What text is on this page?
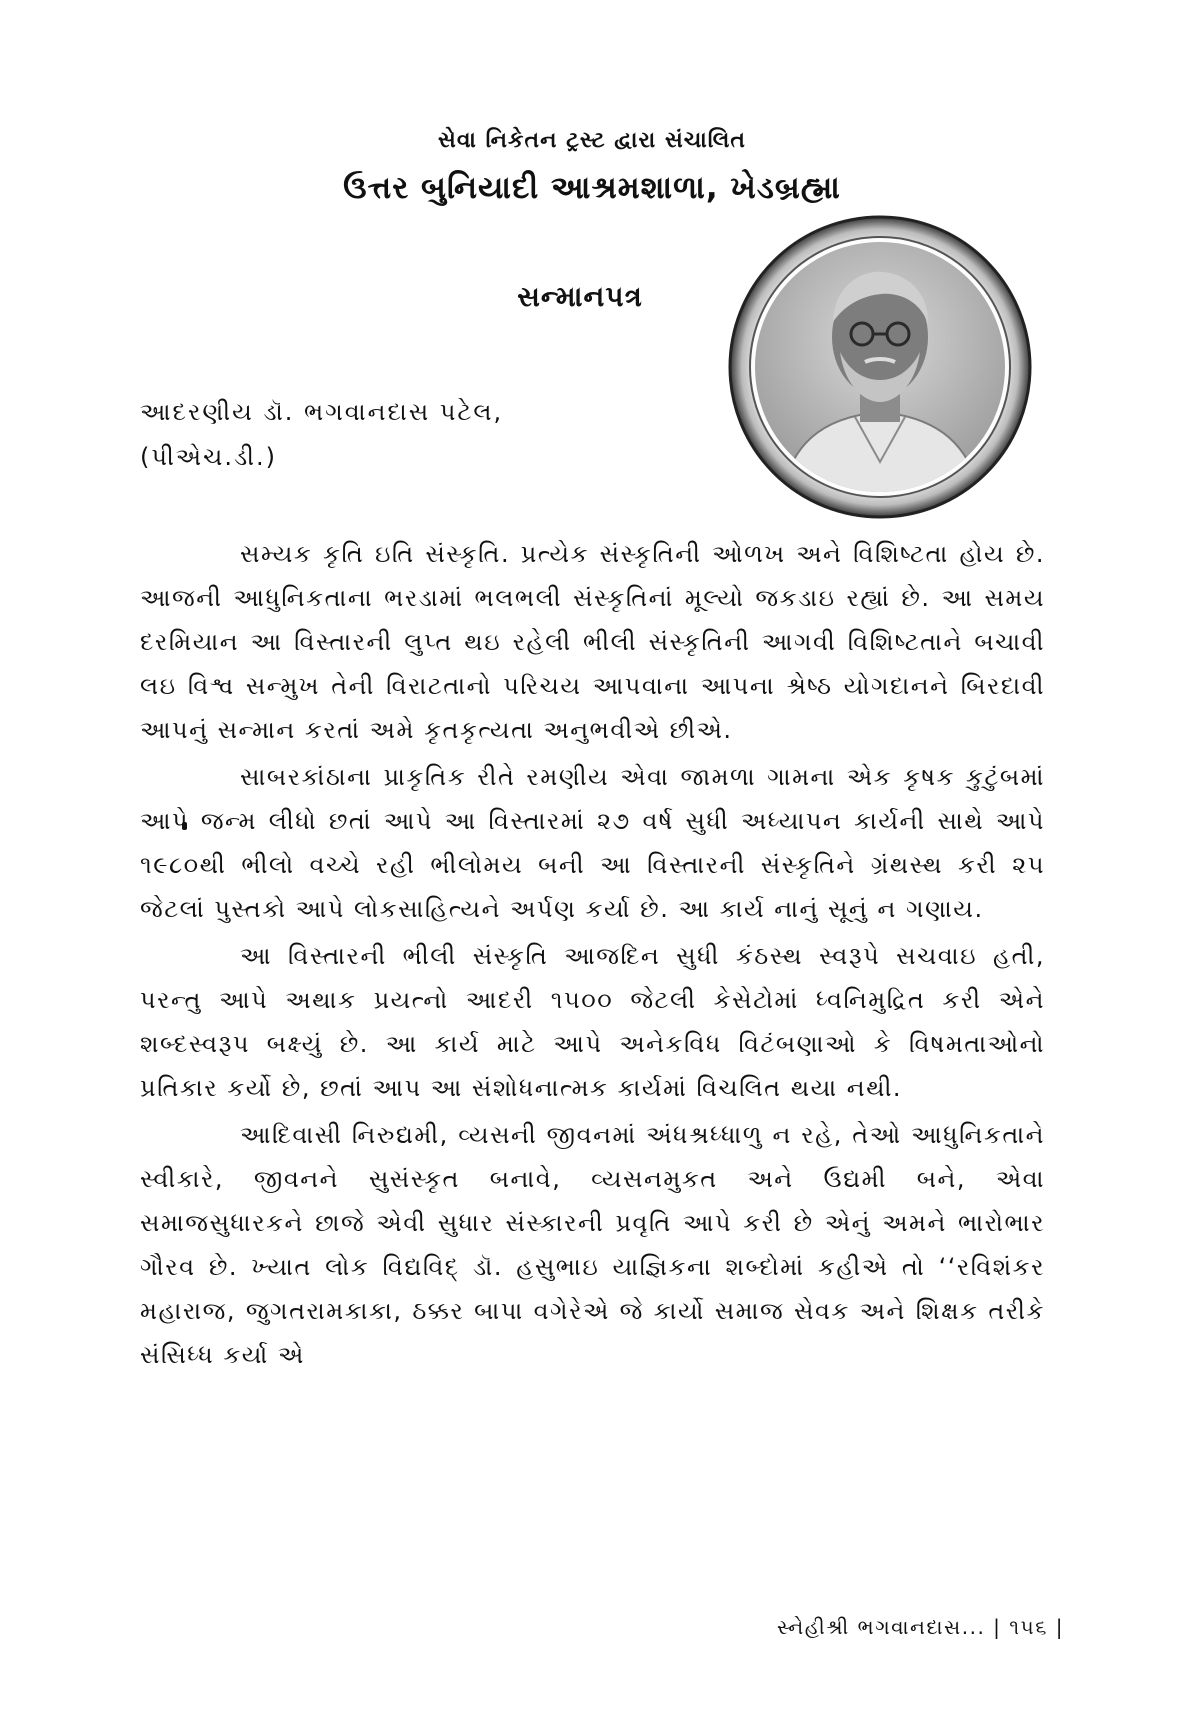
સેવા નિકેતન ટ્રસ્ટ દ્વારા સંચાલિત
ઉત્તર બુનિયાદી આશ્રમશાળા, ખેડબ્રહ્મા
સન્માનપત્ર
આદરણીય ડૉ. ભગવાનદાસ પટેલ,
(પીએચ.ડી.)

સમ્યક કૃતિ ઇતિ સંસ્કૃતિ. પ્રત્યેક સંસ્કૃતિની ઓળખ અને વિશિષ્ટતા હોય છે. આજની આધુનિકતાના ભરડામાં ભલભલી સંસ્કૃતિનાં મૂલ્યો જકડાઇ રહ્યાં છે. આ સમય દરમિયાન આ વિસ્તારની લુપ્ત થઇ રહેલી ભીલી સંસ્કૃતિની આગવી વિશિષ્ટતાને બચાવી લઇ વિશ્વ સન્મુખ તેની વિરાટતાનો પરિચય આપવાના આપના શ્રેષ્ઠ યોગદાનને બિરદાવી આપનું સન્માન કરતાં અમે કૃતકૃત્યતા અનુભવીએ છીએ.

સાબરકાંઠાના પ્રાકૃતિક રીતે રમણીય એવા જામળા ગામના એક કૃષક કુટુંબમાં આપે જન્મ લીધો છતાં આપે આ વિસ્તારમાં ૨૭ વર્ષ સુધી અધ્યાપન કાર્યની સાથે આપે ૧૯૮૦થી ભીલો વચ્ચે રહી ભીલોમય બની આ વિસ્તારની સંસ્કૃતિને ગ્રંથસ્થ કરી ૨૫ જેટલાં પુસ્તકો આપે લોકસાહિત્યને અર્પણ કર્યા છે. આ કાર્ય નાનું સૂનું ન ગણાય.

આ વિસ્તારની ભીલી સંસ્કૃતિ આજદિન સુધી કંઠસ્થ સ્વરૂપે સચવાઇ હતી, પરન્તુ આપે અથાક પ્રયત્નો આદરી ૧૫૦૦ જેટલી કેસેટોમાં ધ્વનિમુદ્રિત કરી એને શબ્દસ્વરૂપ બક્ષ્યું છે. આ કાર્ય માટે આપે અનેકવિધ વિટંબણાઓ કે વિષમતાઓનો પ્રતિકાર કર્યો છે, છતાં આપ આ સંશોધનાત્મક કાર્યમાં વિચલિત થયા નથી.

આદિવાસી નિરુદ્યમી, વ્યસની જીવનમાં અંધશ્રધ્ધાળુ ન રહે, તેઓ આધુનિકતાને સ્વીકારે, જીવનને સુસંસ્કૃત બનાવે, વ્યસનમુકત અને ઉદ્યમી બને, એવા સમાજસુધારકને છાજે એવી સુધાર સંસ્કારની પ્રવૃતિ આપે કરી છે એનું અમને ભારોભાર ગૌરવ છે. ખ્યાત લોક વિદ્યવિદ્ ડૉ. હસુભાઇ યાજ્ઞિકના શબ્દોમાં કહીએ તો ‘‘રવિશંકર મહારાજ, જુગતરામકાકા, ઠક્કર બાપા વગેરેએ જે કાર્યો સમાજ સેવક અને શિક્ષક તરીકે સંસિધ્ધ કર્યા એ

સ્નેહીશ્રી ભગવાનદાસ... | ૧૫૬ |
